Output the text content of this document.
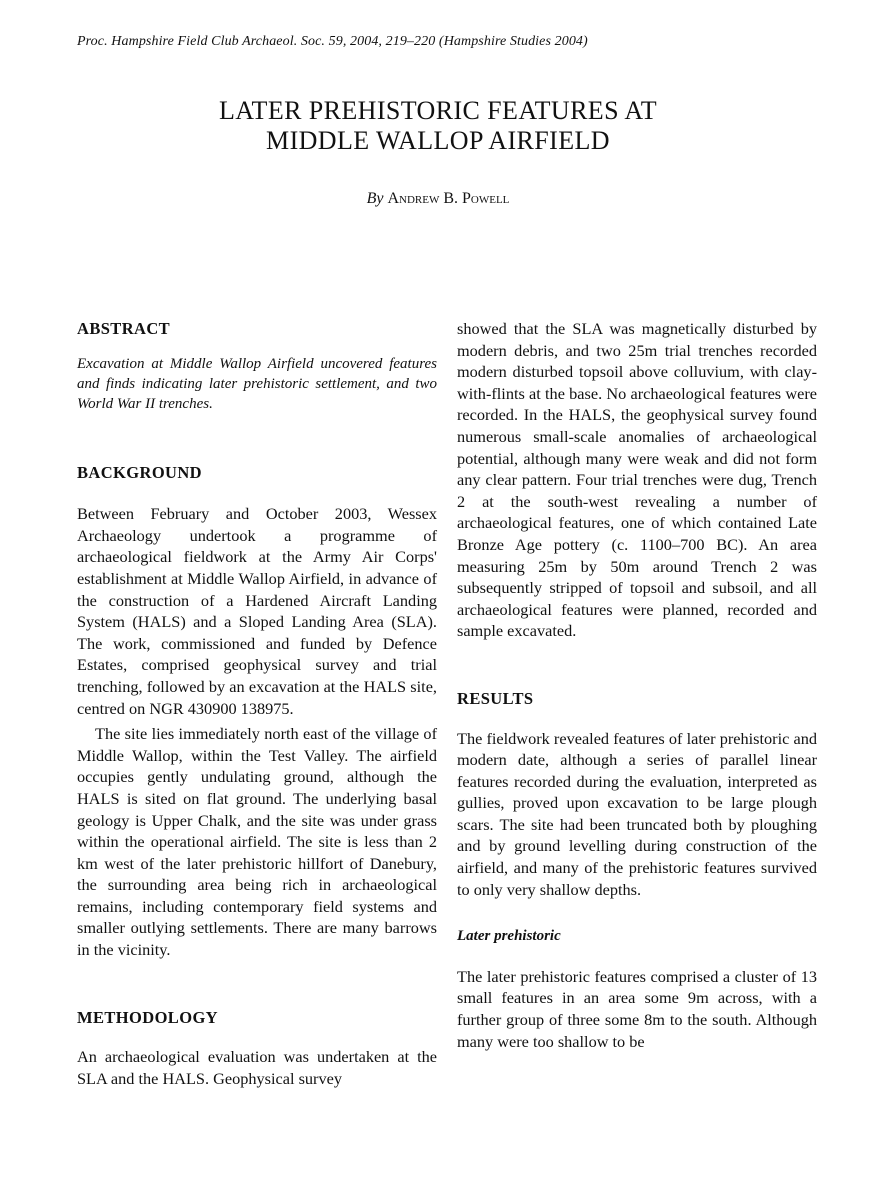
Proc. Hampshire Field Club Archaeol. Soc. 59, 2004, 219–220 (Hampshire Studies 2004)
LATER PREHISTORIC FEATURES AT
MIDDLE WALLOP AIRFIELD
By Andrew B. Powell
ABSTRACT

Excavation at Middle Wallop Airfield uncovered features and finds indicating later prehistoric settlement, and two World War II trenches.

BACKGROUND

Between February and October 2003, Wessex Archaeology undertook a programme of archaeological fieldwork at the Army Air Corps' establishment at Middle Wallop Airfield, in advance of the construction of a Hardened Aircraft Landing System (HALS) and a Sloped Landing Area (SLA). The work, commissioned and funded by Defence Estates, comprised geophysical survey and trial trenching, followed by an excavation at the HALS site, centred on NGR 430900 138975.

The site lies immediately north east of the village of Middle Wallop, within the Test Valley. The airfield occupies gently undulating ground, although the HALS is sited on flat ground. The underlying basal geology is Upper Chalk, and the site was under grass within the operational airfield. The site is less than 2 km west of the later prehistoric hillfort of Danebury, the surrounding area being rich in archaeological remains, including contemporary field systems and smaller outlying settlements. There are many barrows in the vicinity.

METHODOLOGY

An archaeological evaluation was undertaken at the SLA and the HALS. Geophysical survey

showed that the SLA was magnetically disturbed by modern debris, and two 25m trial trenches recorded modern disturbed topsoil above colluvium, with clay-with-flints at the base. No archaeological features were recorded. In the HALS, the geophysical survey found numerous small-scale anomalies of archaeological potential, although many were weak and did not form any clear pattern. Four trial trenches were dug, Trench 2 at the south-west revealing a number of archaeological features, one of which contained Late Bronze Age pottery (c. 1100–700 BC). An area measuring 25m by 50m around Trench 2 was subsequently stripped of topsoil and subsoil, and all archaeological features were planned, recorded and sample excavated.

RESULTS

The fieldwork revealed features of later prehistoric and modern date, although a series of parallel linear features recorded during the evaluation, interpreted as gullies, proved upon excavation to be large plough scars. The site had been truncated both by ploughing and by ground levelling during construction of the airfield, and many of the prehistoric features survived to only very shallow depths.

Later prehistoric

The later prehistoric features comprised a cluster of 13 small features in an area some 9m across, with a further group of three some 8m to the south. Although many were too shallow to be
